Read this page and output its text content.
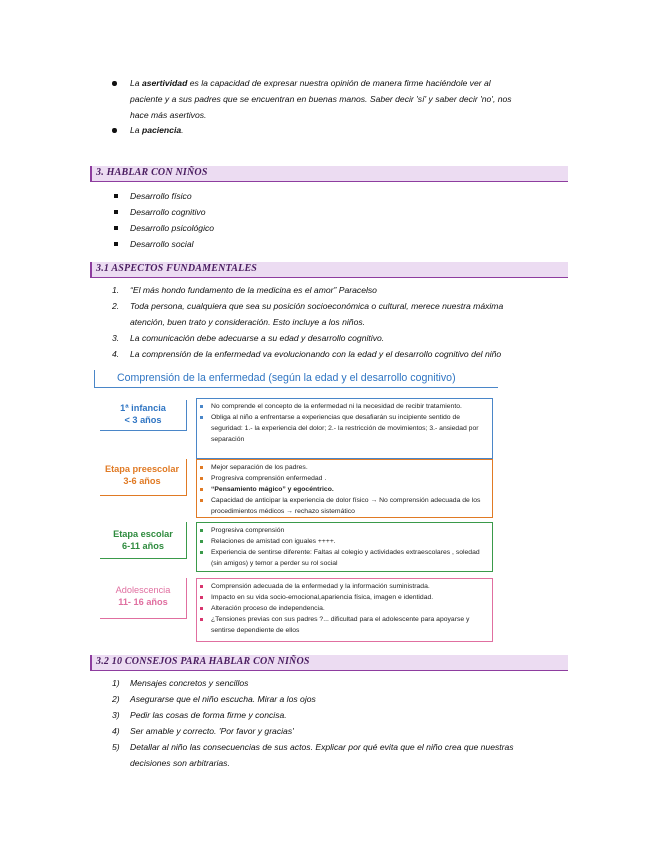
La asertividad es la capacidad de expresar nuestra opinión de manera firme haciéndole ver al
paciente y a sus padres que se encuentran en buenas manos. Saber decir 'sí' y saber decir 'no', nos
hace más asertivos.
La paciencia.
3. HABLAR CON NIÑOS
Desarrollo físico
Desarrollo cognitivo
Desarrollo psicológico
Desarrollo social
3.1 ASPECTOS FUNDAMENTALES
1. “El más hondo fundamento de la medicina es el amor” Paracelso
2. Toda persona, cualquiera que sea su posición socioeconómica o cultural, merece nuestra máxima
atención, buen trato y consideración. Esto incluye a los niños.
3. La comunicación debe adecuarse a su edad y desarrollo cognitivo.
4. La comprensión de la enfermedad va evolucionando con la edad y el desarrollo cognitivo del niño
Comprensión de la enfermedad (según la edad y el desarrollo cognitivo)
1ª infancia
< 3 años
No comprende el concepto de la enfermedad ni la necesidad de recibir tratamiento.
Obliga al niño a enfrentarse a experiencias que desafiarán su incipiente sentido de seguridad: 1.- la experiencia del dolor; 2.- la restricción de movimientos; 3.- ansiedad por separación
Etapa preescolar
3-6 años
Mejor separación de los padres.
Progresiva comprensión enfermedad .
“Pensamiento mágico” y egocéntrico.
Capacidad de anticipar la experiencia de dolor físico → No comprensión adecuada de los procedimientos médicos → rechazo sistemático
Etapa escolar
6-11 años
Progresiva comprensión
Relaciones de amistad con iguales ++++.
Experiencia de sentirse diferente: Faltas al colegio y actividades extraescolares , soledad (sin amigos) y temor a perder su rol social
Adolescencia
11- 16 años
Comprensión adecuada de la enfermedad y la información suministrada.
Impacto en su vida socio-emocional,apariencia física, imagen e identidad.
Alteración proceso de independencia.
¿Tensiones previas con sus padres ?... dificultad para el adolescente para apoyarse y sentirse dependiente de ellos
3.2 10 CONSEJOS PARA HABLAR CON NIÑOS
1) Mensajes concretos y sencillos
2) Asegurarse que el niño escucha. Mirar a los ojos
3) Pedir las cosas de forma firme y concisa.
4) Ser amable y correcto. 'Por favor y gracias'
5) Detallar al niño las consecuencias de sus actos. Explicar por qué evita que el niño crea que nuestras
decisiones son arbitrarias.
